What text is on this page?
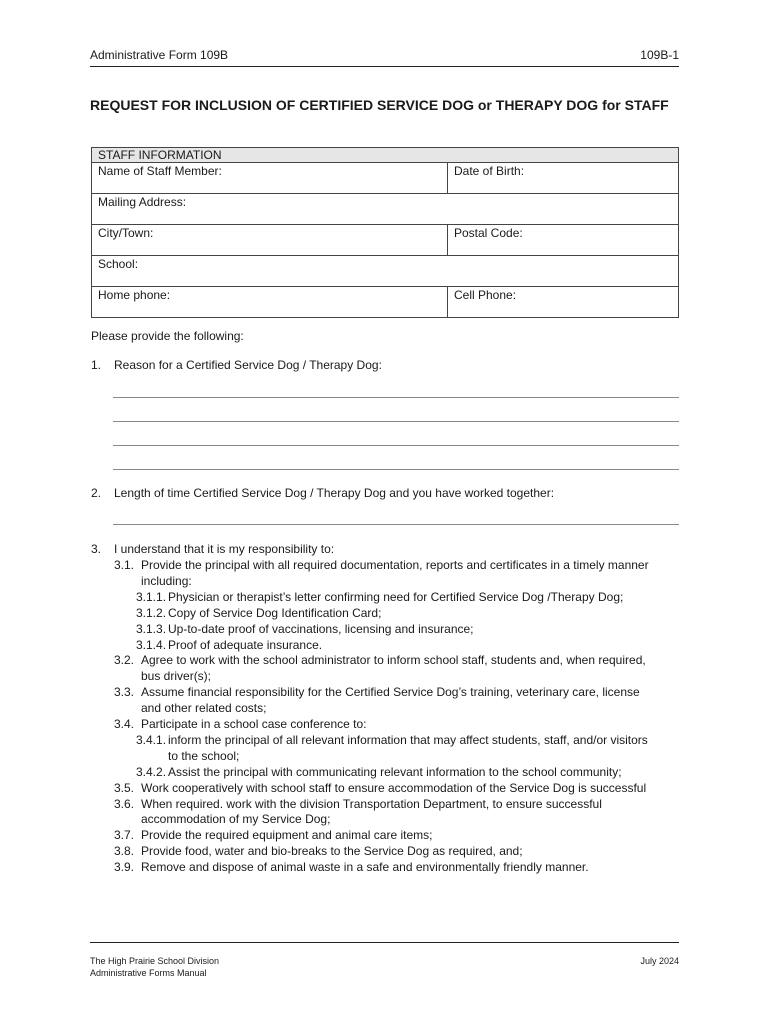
Administrative Form 109B	109B-1
REQUEST FOR INCLUSION OF CERTIFIED SERVICE DOG or THERAPY DOG for STAFF
STAFF INFORMATION
Name of Staff Member:	Date of Birth:
Mailing Address:
City/Town:	Postal Code:
School:
Home phone:	Cell Phone:
Please provide the following:
1. Reason for a Certified Service Dog / Therapy Dog:
2. Length of time Certified Service Dog / Therapy Dog and you have worked together:
3. I understand that it is my responsibility to:
3.1. Provide the principal with all required documentation, reports and certificates in a timely manner
including:
3.1.1. Physician or therapist’s letter confirming need for Certified Service Dog /Therapy Dog;
3.1.2. Copy of Service Dog Identification Card;
3.1.3. Up-to-date proof of vaccinations, licensing and insurance;
3.1.4. Proof of adequate insurance.
3.2. Agree to work with the school administrator to inform school staff, students and, when required,
bus driver(s);
3.3. Assume financial responsibility for the Certified Service Dog’s training, veterinary care, license
and other related costs;
3.4. Participate in a school case conference to:
3.4.1. inform the principal of all relevant information that may affect students, staff, and/or visitors
to the school;
3.4.2. Assist the principal with communicating relevant information to the school community;
3.5. Work cooperatively with school staff to ensure accommodation of the Service Dog is successful
3.6. When required. work with the division Transportation Department, to ensure successful
accommodation of my Service Dog;
3.7. Provide the required equipment and animal care items;
3.8. Provide food, water and bio-breaks to the Service Dog as required, and;
3.9. Remove and dispose of animal waste in a safe and environmentally friendly manner.
The High Prairie School Division
Administrative Forms Manual
July 2024
